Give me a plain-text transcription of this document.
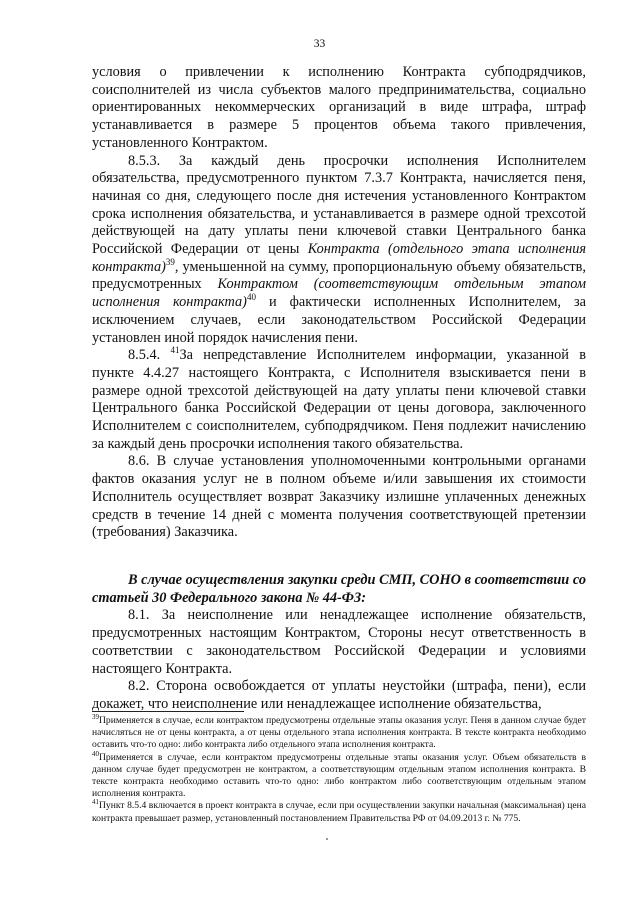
33

условия о привлечении к исполнению Контракта субподрядчиков, соисполнителей из числа субъектов малого предпринимательства, социально ориентированных некоммерческих организаций в виде штрафа, штраф устанавливается в размере 5 процентов объема такого привлечения, установленного Контрактом.

8.5.3. За каждый день просрочки исполнения Исполнителем обязательства, предусмотренного пунктом 7.3.7 Контракта, начисляется пеня, начиная со дня, следующего после дня истечения установленного Контрактом срока исполнения обязательства, и устанавливается в размере одной трехсотой действующей на дату уплаты пени ключевой ставки Центрального банка Российской Федерации от цены Контракта (отдельного этапа исполнения контракта)$^{39}$, уменьшенной на сумму, пропорциональную объему обязательств, предусмотренных Контрактом (соответствующим отдельным этапом исполнения контракта)$^{40}$ и фактически исполненных Исполнителем, за исключением случаев, если законодательством Российской Федерации установлен иной порядок начисления пени.

8.5.4. $^{41}$За непредставление Исполнителем информации, указанной в пункте 4.4.27 настоящего Контракта, с Исполнителя взыскивается пени в размере одной трехсотой действующей на дату уплаты пени ключевой ставки Центрального банка Российской Федерации от цены договора, заключенного Исполнителем с соисполнителем, субподрядчиком. Пеня подлежит начислению за каждый день просрочки исполнения такого обязательства.

8.6. В случае установления уполномоченными контрольными органами фактов оказания услуг не в полном объеме и/или завышения их стоимости Исполнитель осуществляет возврат Заказчику излишне уплаченных денежных средств в течение 14 дней с момента получения соответствующей претензии (требования) Заказчика.

В случае осуществления закупки среди СМП, СОНО в соответствии со статьей 30 Федерального закона № 44-ФЗ:

8.1. За неисполнение или ненадлежащее исполнение обязательств, предусмотренных настоящим Контрактом, Стороны несут ответственность в соответствии с законодательством Российской Федерации и условиями настоящего Контракта.

8.2. Сторона освобождается от уплаты неустойки (штрафа, пени), если докажет, что неисполнение или ненадлежащее исполнение обязательства,

$^{39}$Применяется в случае, если контрактом предусмотрены отдельные этапы оказания услуг. Пеня в данном случае будет начисляться не от цены контракта, а от цены отдельного этапа исполнения контракта. В тексте контракта необходимо оставить что-то одно: либо контракта либо отдельного этапа исполнения контракта.

$^{40}$Применяется в случае, если контрактом предусмотрены отдельные этапы оказания услуг. Объем обязательств в данном случае будет предусмотрен не контрактом, а соответствующим отдельным этапом исполнения контракта. В тексте контракта необходимо оставить что-то одно: либо контрактом либо соответствующим отдельным этапом исполнения контракта.

$^{41}$Пункт 8.5.4 включается в проект контракта в случае, если при осуществлении закупки начальная (максимальная) цена контракта превышает размер, установленный постановлением Правительства РФ от 04.09.2013 г. № 775.
